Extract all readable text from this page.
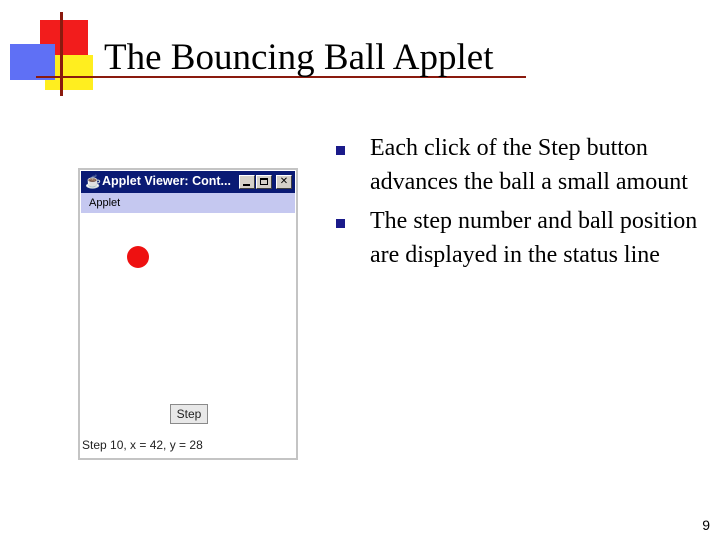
The Bouncing Ball Applet
☕ Applet Viewer: Cont...	✕
Applet
Step
Step 10, x = 42, y = 28
Each click of the Step button advances the ball a small amount
The step number and ball position are displayed in the status line
9
